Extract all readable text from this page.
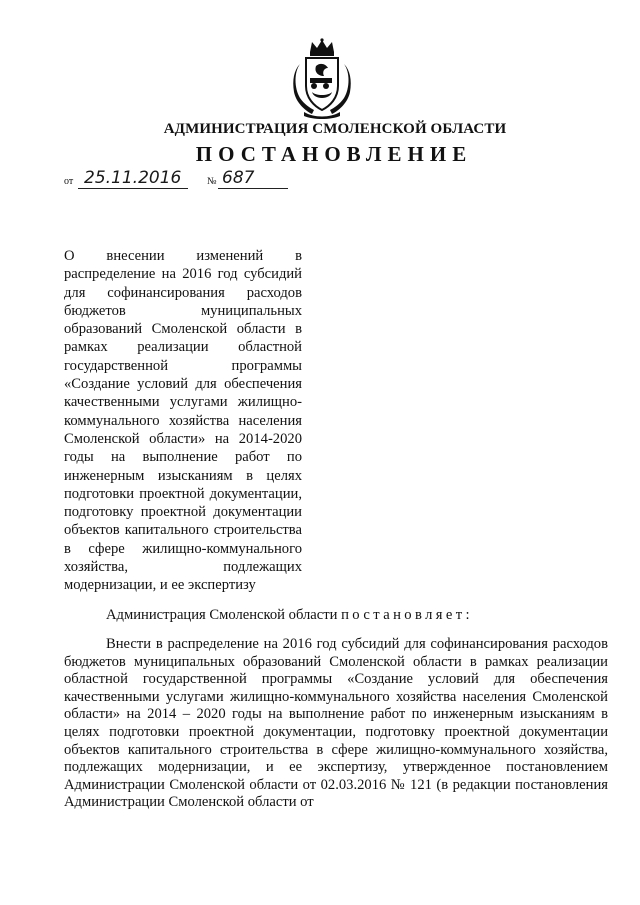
АДМИНИСТРАЦИЯ СМОЛЕНСКОЙ ОБЛАСТИ
ПОСТАНОВЛЕНИЕ
от 25.11.2016	№ 687
О внесении изменений в распределение на 2016 год субсидий для софинансирования расходов бюджетов муниципальных образований Смоленской области в рамках реализации областной государственной программы «Создание условий для обеспечения качественными услугами жилищно-коммунального хозяйства населения Смоленской области» на 2014-2020 годы на выполнение работ по инженерным изысканиям в целях подготовки проектной документации, подготовку проектной документации объектов капитального строительства в сфере жилищно-коммунального хозяйства, подлежащих модернизации, и ее экспертизу
Администрация Смоленской области постановляет:
Внести в распределение на 2016 год субсидий для софинансирования расходов бюджетов муниципальных образований Смоленской области в рамках реализации областной государственной программы «Создание условий для обеспечения качественными услугами жилищно-коммунального хозяйства населения Смоленской области» на 2014 – 2020 годы на выполнение работ по инженерным изысканиям в целях подготовки проектной документации, подготовку проектной документации объектов капитального строительства в сфере жилищно-коммунального хозяйства, подлежащих модернизации, и ее экспертизу, утвержденное постановлением Администрации Смоленской области от 02.03.2016 № 121 (в редакции постановления Администрации Смоленской области от
